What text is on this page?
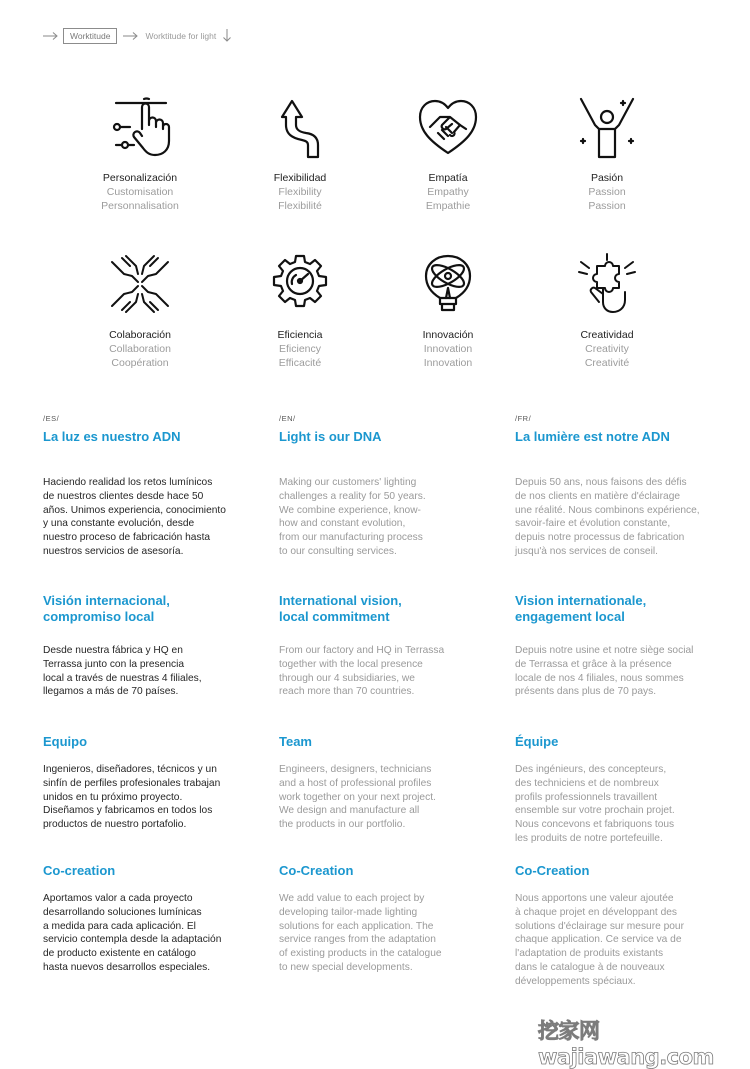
Worktitude	Worktitude for light
Personalización
Customisation
Personnalisation
Flexibilidad
Flexibility
Flexibilité
Empatía
Empathy
Empathie
Pasión
Passion
Passion
Colaboración
Collaboration
Coopération
Eficiencia
Eficiency
Efficacité
Innovación
Innovation
Innovation
Creatividad
Creativity
Creativité
/ES/
La luz es nuestro ADN
Haciendo realidad los retos lumínicos
de nuestros clientes desde hace 50
años. Unimos experiencia, conocimiento
y una constante evolución, desde
nuestro proceso de fabricación hasta
nuestros servicios de asesoría.
Visión internacional,
compromiso local
Desde nuestra fábrica y HQ en
Terrassa junto con la presencia
local a través de nuestras 4 filiales,
llegamos a más de 70 países.
Equipo
Ingenieros, diseñadores, técnicos y un
sinfín de perfiles profesionales trabajan
unidos en tu próximo proyecto.
Diseñamos y fabricamos en todos los
productos de nuestro portafolio.
Co-creation
Aportamos valor a cada proyecto
desarrollando soluciones lumínicas
a medida para cada aplicación. El
servicio contempla desde la adaptación
de producto existente en catálogo
hasta nuevos desarrollos especiales.
/EN/
Light is our DNA
Making our customers' lighting
challenges a reality for 50 years.
We combine experience, know-
how and constant evolution,
from our manufacturing process
to our consulting services.
International vision,
local commitment
From our factory and HQ in Terrassa
together with the local presence
through our 4 subsidiaries, we
reach more than 70 countries.
Team
Engineers, designers, technicians
and a host of professional profiles
work together on your next project.
We design and manufacture all
the products in our portfolio.
Co-Creation
We add value to each project by
developing tailor-made lighting
solutions for each application. The
service ranges from the adaptation
of existing products in the catalogue
to new special developments.
/FR/
La lumière est notre ADN
Depuis 50 ans, nous faisons des défis
de nos clients en matière d'éclairage
une réalité. Nous combinons expérience,
savoir-faire et évolution constante,
depuis notre processus de fabrication
jusqu'à nos services de conseil.
Vision internationale,
engagement local
Depuis notre usine et notre siège social
de Terrassa et grâce à la présence
locale de nos 4 filiales, nous sommes
présents dans plus de 70 pays.
Équipe
Des ingénieurs, des concepteurs,
des techniciens et de nombreux
profils professionnels travaillent
ensemble sur votre prochain projet.
Nous concevons et fabriquons tous
les produits de notre portefeuille.
Co-Creation
Nous apportons une valeur ajoutée
à chaque projet en développant des
solutions d'éclairage sur mesure pour
chaque application. Ce service va de
l'adaptation de produits existants
dans le catalogue à de nouveaux
développements spéciaux.
挖家网 wajiawang.com
